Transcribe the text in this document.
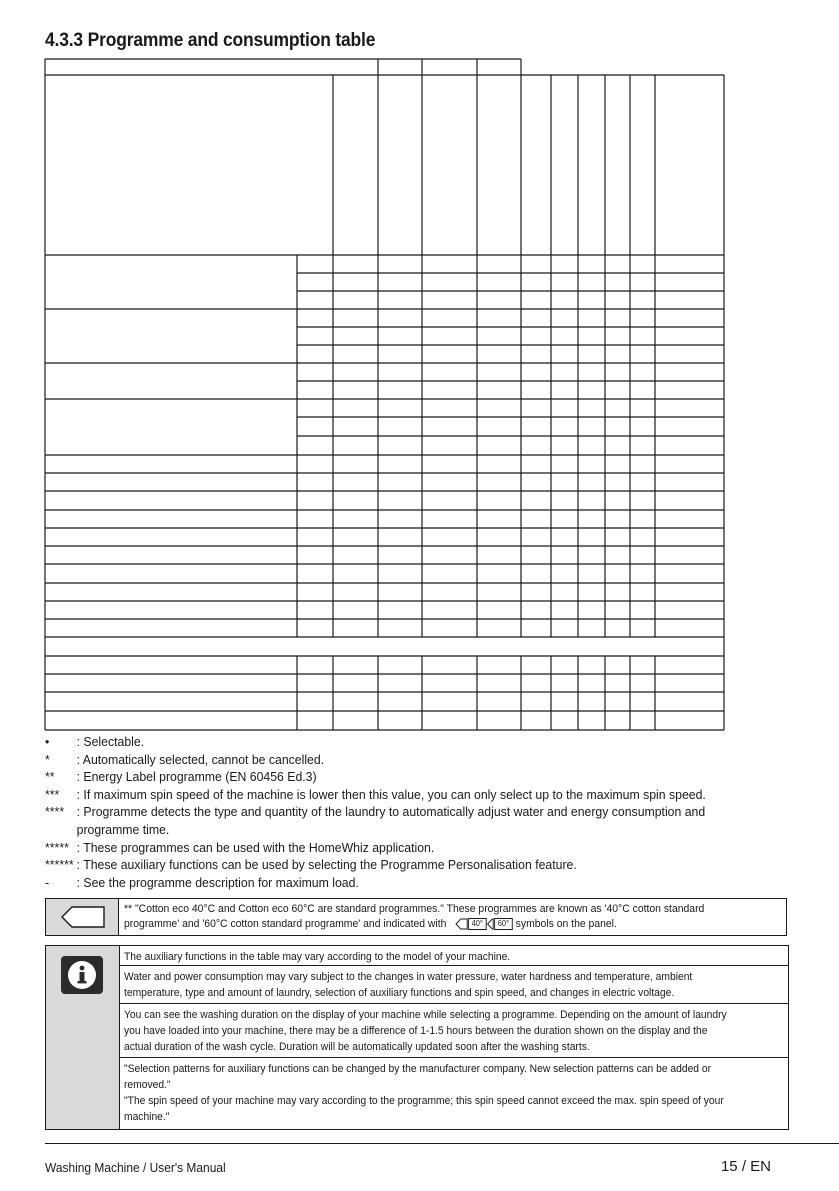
4.3.3 Programme and consumption table
• : Selectable.
* : Automatically selected, cannot be cancelled.
** : Energy Label programme (EN 60456 Ed.3)
*** : If maximum spin speed of the machine is lower then this value, you can only select up to the maximum spin speed.
**** : Programme detects the type and quantity of the laundry to automatically adjust water and energy consumption and
programme time.
***** : These programmes can be used with the HomeWhiz application.
****** : These auxiliary functions can be used by selecting the Programme Personalisation feature.
- : See the programme description for maximum load.
** "Cotton eco 40°C and Cotton eco 60°C are standard programmes." These programmes are known as '40°C cotton standard
programme' and '60°C cotton standard programme' and indicated with	40° 60° symbols on the panel.
The auxiliary functions in the table may vary according to the model of your machine.
Water and power consumption may vary subject to the changes in water pressure, water hardness and temperature, ambient
temperature, type and amount of laundry, selection of auxiliary functions and spin speed, and changes in electric voltage.
You can see the washing duration on the display of your machine while selecting a programme. Depending on the amount of laundry
you have loaded into your machine, there may be a difference of 1-1.5 hours between the duration shown on the display and the
actual duration of the wash cycle. Duration will be automatically updated soon after the washing starts.
"Selection patterns for auxiliary functions can be changed by the manufacturer company. New selection patterns can be added or
removed."
"The spin speed of your machine may vary according to the programme; this spin speed cannot exceed the max. spin speed of your
machine."
Washing Machine / User's Manual	15 / EN
